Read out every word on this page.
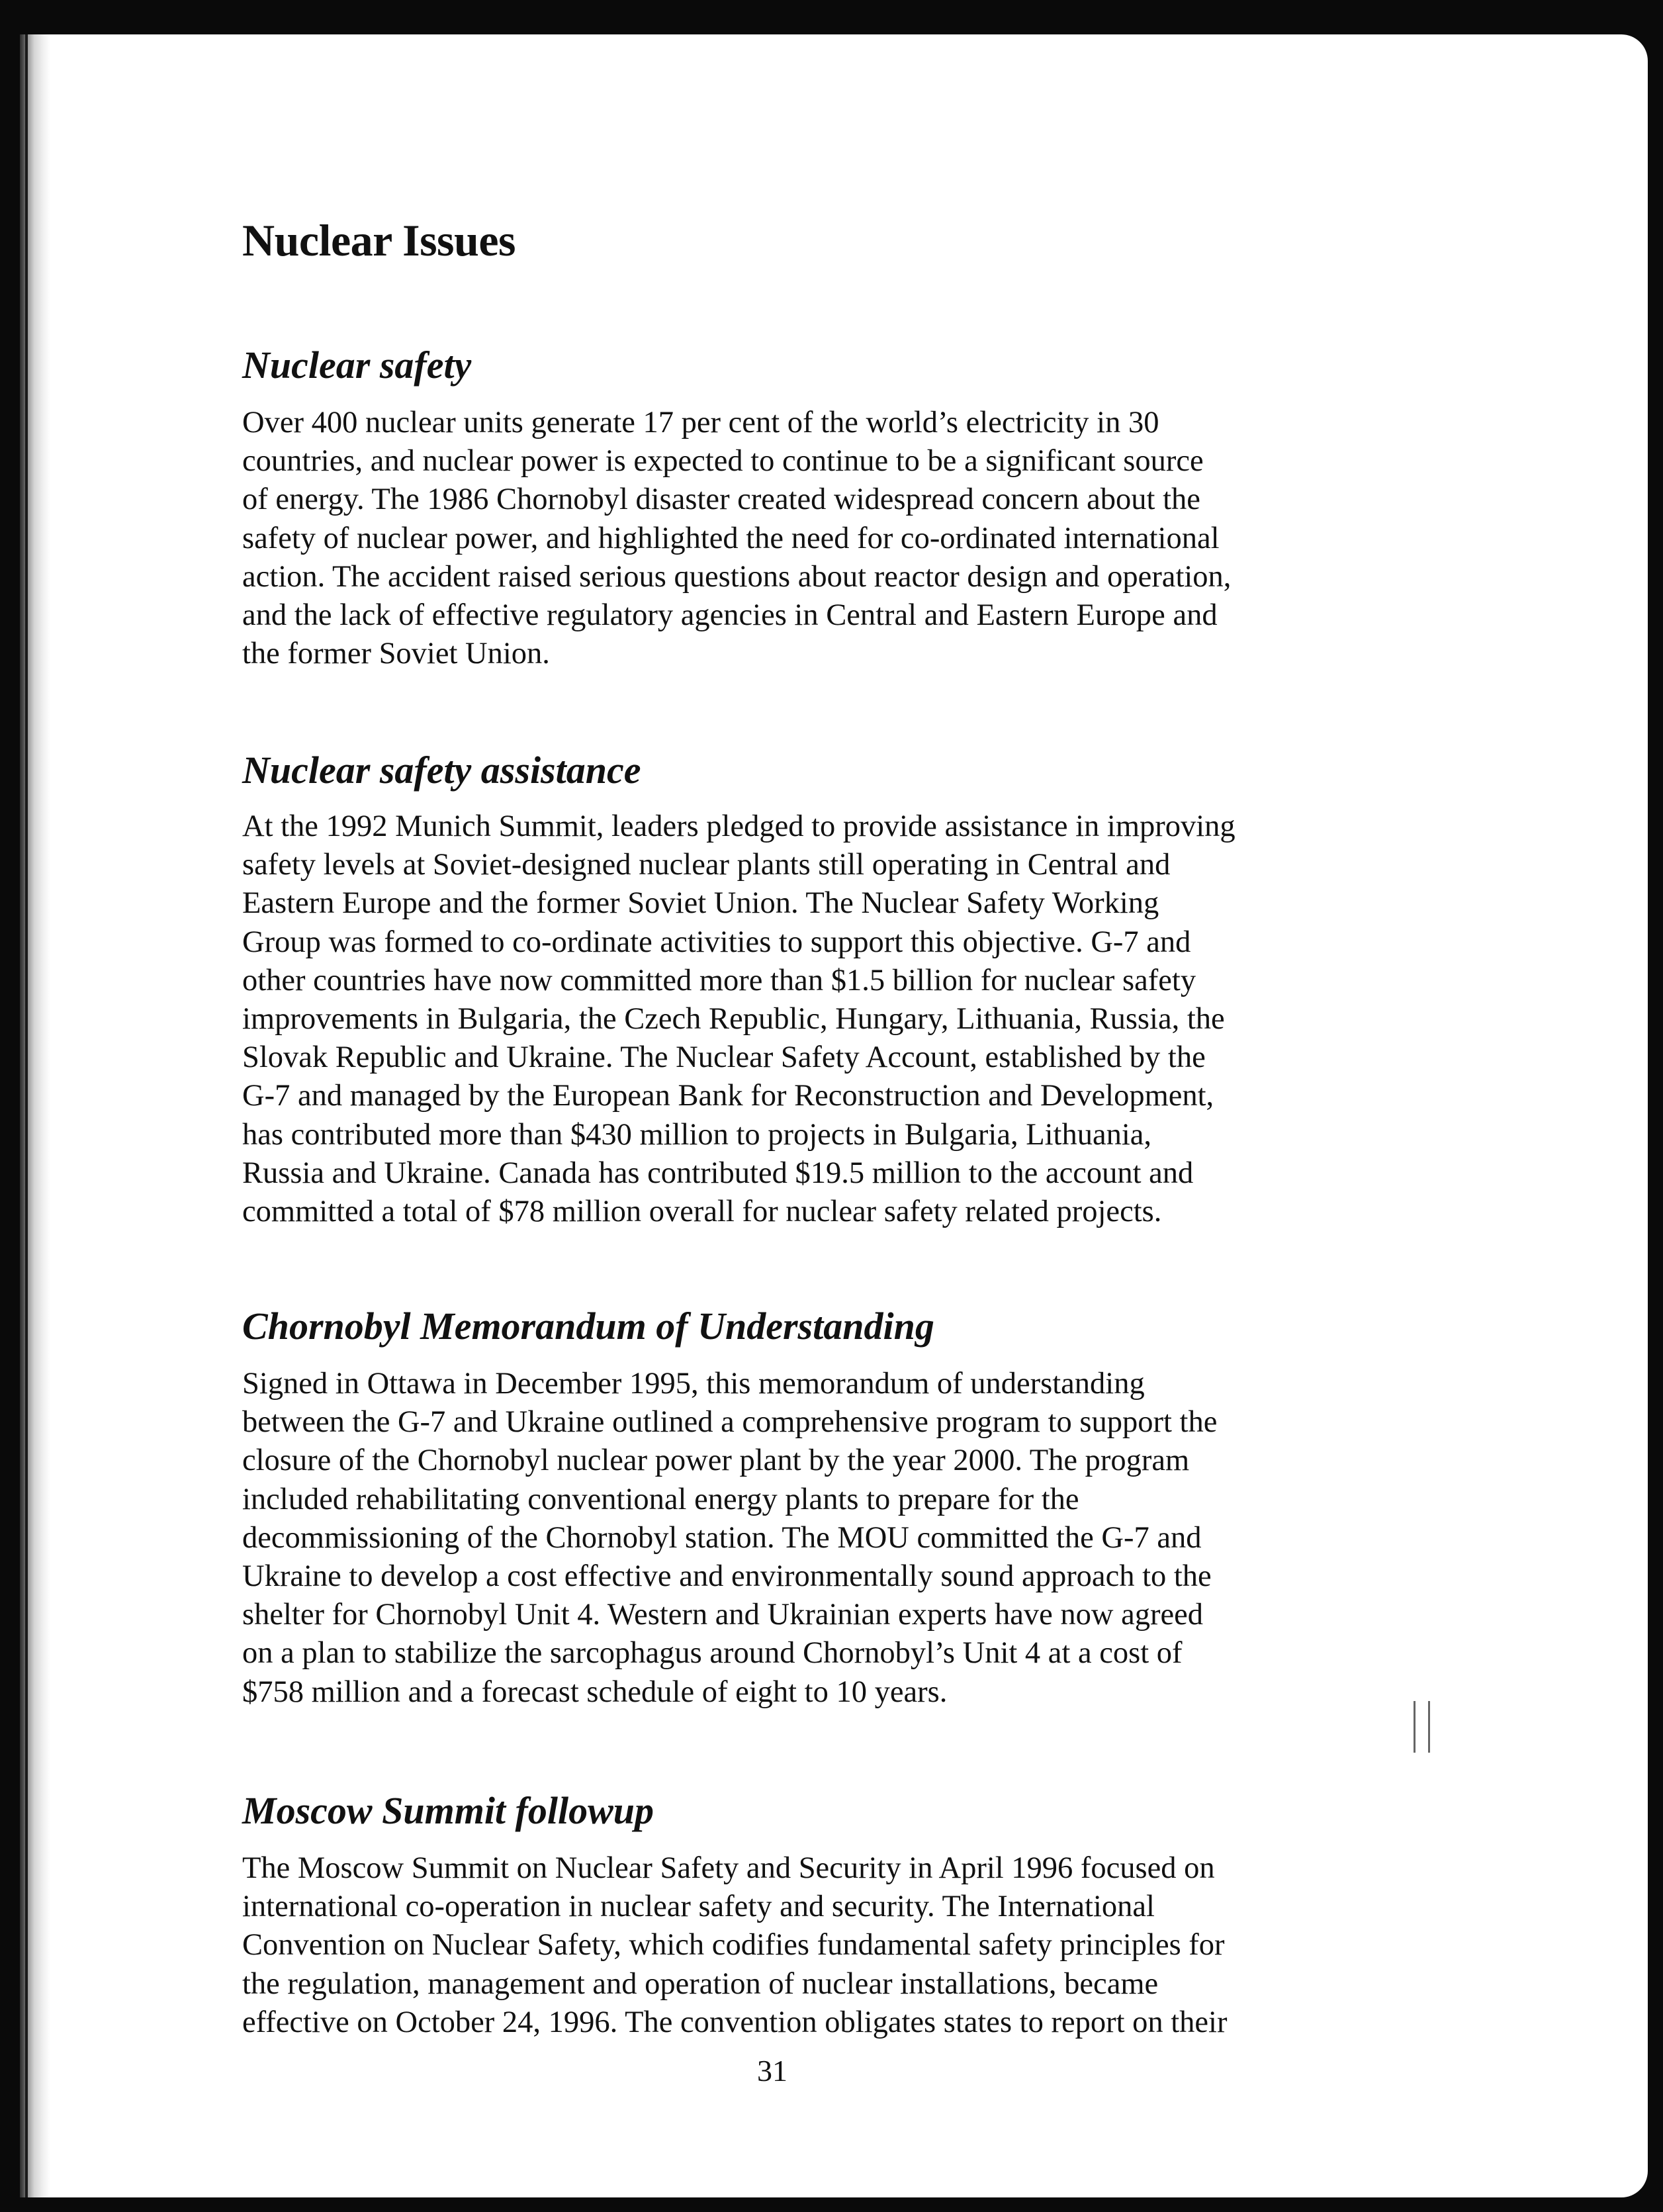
Nuclear Issues
Nuclear safety

Over 400 nuclear units generate 17 per cent of the world’s electricity in 30
countries, and nuclear power is expected to continue to be a significant source
of energy. The 1986 Chornobyl disaster created widespread concern about the
safety of nuclear power, and highlighted the need for co-ordinated international
action. The accident raised serious questions about reactor design and operation,
and the lack of effective regulatory agencies in Central and Eastern Europe and
the former Soviet Union.

Nuclear safety assistance

At the 1992 Munich Summit, leaders pledged to provide assistance in improving
safety levels at Soviet-designed nuclear plants still operating in Central and
Eastern Europe and the former Soviet Union. The Nuclear Safety Working
Group was formed to co-ordinate activities to support this objective. G-7 and
other countries have now committed more than $1.5 billion for nuclear safety
improvements in Bulgaria, the Czech Republic, Hungary, Lithuania, Russia, the
Slovak Republic and Ukraine. The Nuclear Safety Account, established by the
G-7 and managed by the European Bank for Reconstruction and Development,
has contributed more than $430 million to projects in Bulgaria, Lithuania,
Russia and Ukraine. Canada has contributed $19.5 million to the account and
committed a total of $78 million overall for nuclear safety related projects.

Chornobyl Memorandum of Understanding

Signed in Ottawa in December 1995, this memorandum of understanding
between the G-7 and Ukraine outlined a comprehensive program to support the
closure of the Chornobyl nuclear power plant by the year 2000. The program
included rehabilitating conventional energy plants to prepare for the
decommissioning of the Chornobyl station. The MOU committed the G-7 and
Ukraine to develop a cost effective and environmentally sound approach to the
shelter for Chornobyl Unit 4. Western and Ukrainian experts have now agreed
on a plan to stabilize the sarcophagus around Chornobyl’s Unit 4 at a cost of
$758 million and a forecast schedule of eight to 10 years.

Moscow Summit followup

The Moscow Summit on Nuclear Safety and Security in April 1996 focused on
international co-operation in nuclear safety and security. The International
Convention on Nuclear Safety, which codifies fundamental safety principles for
the regulation, management and operation of nuclear installations, became
effective on October 24, 1996. The convention obligates states to report on their

31
